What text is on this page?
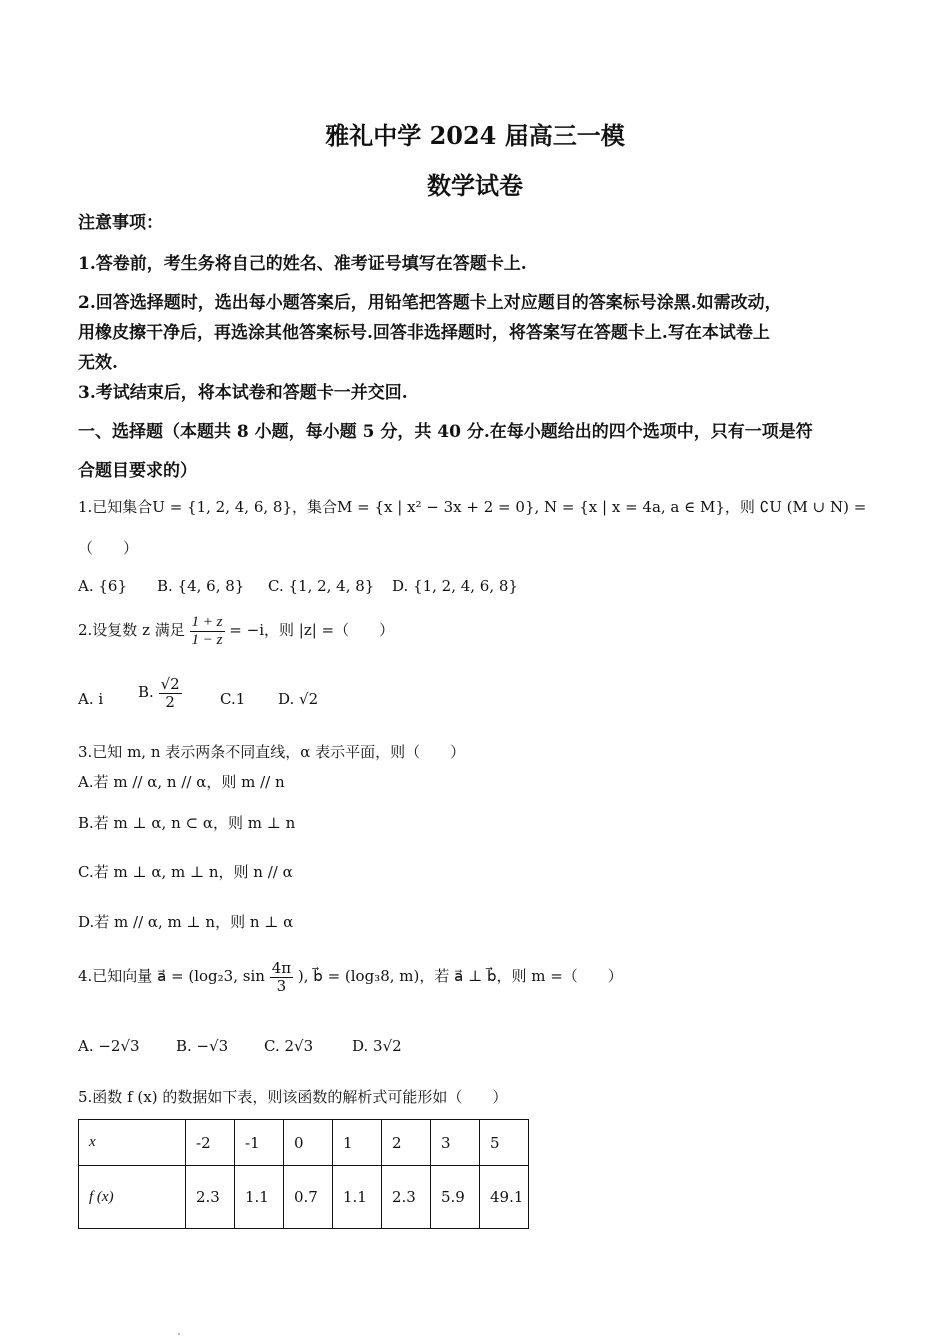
雅礼中学 2024 届高三一模
数学试卷
注意事项：
1.答卷前，考生务将自己的姓名、准考证号填写在答题卡上.
2.回答选择题时，选出每小题答案后，用铅笔把答题卡上对应题目的答案标号涂黑.如需改动，
用橡皮擦干净后，再选涂其他答案标号.回答非选择题时，将答案写在答题卡上.写在本试卷上
无效.
3.考试结束后，将本试卷和答题卡一并交回.
一、选择题（本题共 8 小题，每小题 5 分，共 40 分.在每小题给出的四个选项中，只有一项是符
合题目要求的）
1.已知集合U = {1, 2, 4, 6, 8}，集合M = {x | x² − 3x + 2 = 0}, N = {x | x = 4a, a ∈ M}，则 ∁U (M ∪ N) =
（　　）
A. {6} B. {4, 6, 8} C. {1, 2, 4, 8} D. {1, 2, 4, 6, 8}
2.设复数 z 满足 $\frac{1 + z}{1 - z} = -i$，则 |z| =（　　）
A. i B. $\frac{√2}{2}$	C.1 D. √2
3.已知 m, n 表示两条不同直线，α 表示平面，则（　　）
A.若 m // α, n // α，则 m // n
B.若 m ⊥ α, n ⊂ α，则 m ⊥ n
C.若 m ⊥ α, m ⊥ n，则 n // α
D.若 m // α, m ⊥ n，则 n ⊥ α
4.已知向量 a⃗ = (log₂3, $\sin \frac{4\pi}{3}$ ), b⃗ = (log₃8, m)，若 a⃗ ⊥ b⃗，则 m =（　　）
A. −2√3 B. −√3 C. 2√3	D. 3√2
5.函数 f (x) 的数据如下表，则该函数的解析式可能形如（　　）
x	-2	-1	0	1	2	3	5
f (x)	2.3	1.1	0.7	1.1	2.3	5.9	49.1
